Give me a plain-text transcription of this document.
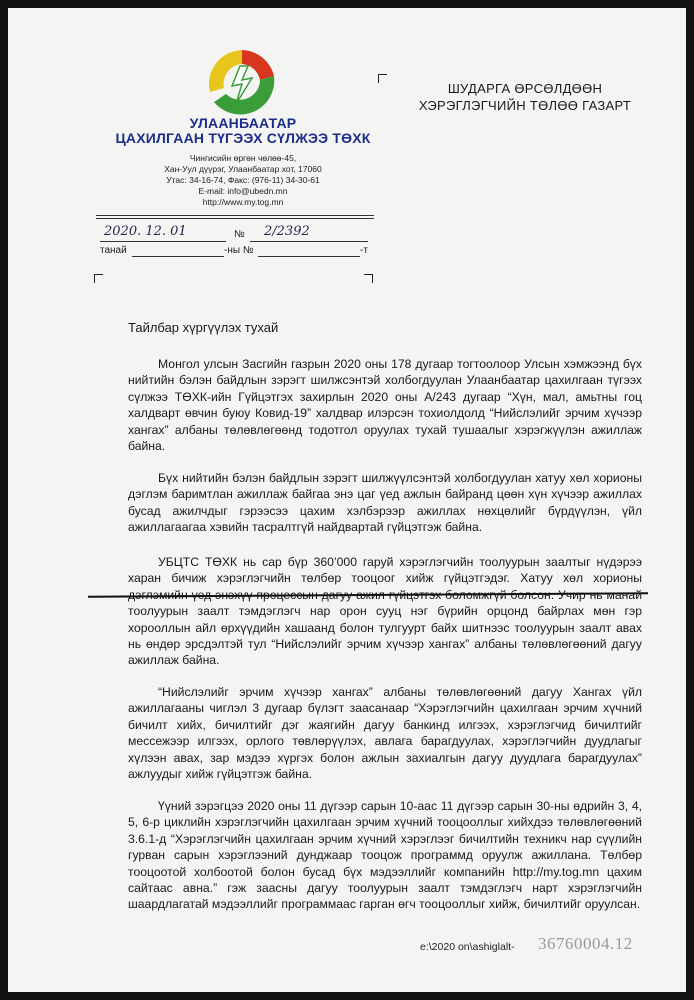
УЛААНБААТАР
ЦАХИЛГААН ТҮГЭЭХ СҮЛЖЭЭ ТӨХК
Чингисийн өргөн чөлөө-45,
Хан-Уул дүүрэг, Улаанбаатар хот, 17060
Утас: 34-16-74, Факс: (976-11) 34-30-61
E-mail: info@ubedn.mn
http://www.my.tog.mn
2020. 12. 01	№ 2/2392
танай	-ны №	-т
ШУДАРГА ӨРСӨЛДӨӨН
ХЭРЭГЛЭГЧИЙН ТӨЛӨӨ ГАЗАРТ
Тайлбар хүргүүлэх тухай

Монгол улсын Засгийн газрын 2020 оны 178 дугаар тогтоолоор Улсын хэмжээнд бүх нийтийн бэлэн байдлын зэрэгт шилжсэнтэй холбогдуулан Улаанбаатар цахилгаан түгээх сүлжээ ТӨХК-ийн Гүйцэтгэх захирлын 2020 оны А/243 дугаар “Хүн, мал, амьтны гоц халдварт өвчин буюу Ковид-19” халдвар илэрсэн тохиолдолд “Нийслэлийг эрчим хүчээр хангах” албаны төлөвлөгөөнд тодотгол оруулах тухай тушаалыг хэрэгжүүлэн ажиллаж байна.

Бүх нийтийн бэлэн байдлын зэрэгт шилжүүлсэнтэй холбогдуулан хатуу хөл хорионы дэглэм баримтлан ажиллаж байгаа энэ цаг үед ажлын байранд цөөн хүн хүчээр ажиллах бусад ажилчдыг гэрээсээ цахим хэлбэрээр ажиллах нөхцөлийг бүрдүүлэн, үйл ажиллагаагаа хэвийн тасралтгүй найдвартай гүйцэтгэж байна.

УБЦТС ТӨХК нь сар бүр 360’000 гаруй хэрэглэгчийн тоолуурын заалтыг нүдэрээ харан бичиж хэрэглэгчийн төлбөр тооцоог хийж гүйцэтгэдэг. Хатуу хөл хорионы дэглэмийн үед энэхүү процессын дагуу ажил гүйцэтгэх боломжгүй болсон. Учир нь манай тоолуурын заалт тэмдэглэгч нар орон сууц нэг бүрийн орцонд байрлах мөн гэр хорооллын айл өрхүүдийн хашаанд болон тулгуурт байх шитнээс тоолуурын заалт авах нь өндөр эрсдэлтэй тул “Нийслэлийг эрчим хүчээр хангах” албаны төлөвлөгөөний дагуу ажиллаж байна.

“Нийслэлийг эрчим хүчээр хангах” албаны төлөвлөгөөний дагуу Хангах үйл ажиллагааны чиглэл 3 дугаар бүлэгт заасанаар “Хэрэглэгчийн цахилгаан эрчим хүчний бичилт хийх, бичилтийг дэг жаягийн дагуу банкинд илгээх, хэрэглэгчид бичилтийг мессежээр илгээх, орлого төвлөрүүлэх, авлага барагдуулах, хэрэглэгчийн дуудлагыг хүлээн авах, зар мэдээ хүргэх болон ажлын захиалгын дагуу дуудлага барагдуулах” ажлуудыг хийж гүйцэтгэж байна.

Үүний зэрэгцээ 2020 оны 11 дүгээр сарын 10-аас 11 дүгээр сарын 30-ны өдрийн 3, 4, 5, 6-р циклийн хэрэглэгчийн цахилгаан эрчим хүчний тооцооллыг хийхдээ төлөвлөгөөний 3.6.1-д “Хэрэглэгчийн цахилгаан эрчим хүчний хэрэглээг бичилтийн техникч нар сүүлийн гурван сарын хэрэглээний дунджаар тооцож программд оруулж ажиллана. Төлбөр тооцоотой холбоотой болон бусад бүх мэдээллийг компанийн http://my.tog.mn цахим сайтаас авна.” гэж заасны дагуу тоолуурын заалт тэмдэглэгч нарт хэрэглэгчийн шаардлагатай мэдээллийг программаас гарган өгч тооцооллыг хийж, бичилтийг оруулсан.

e:\2020 on\ashiglalt- 36760004.12
